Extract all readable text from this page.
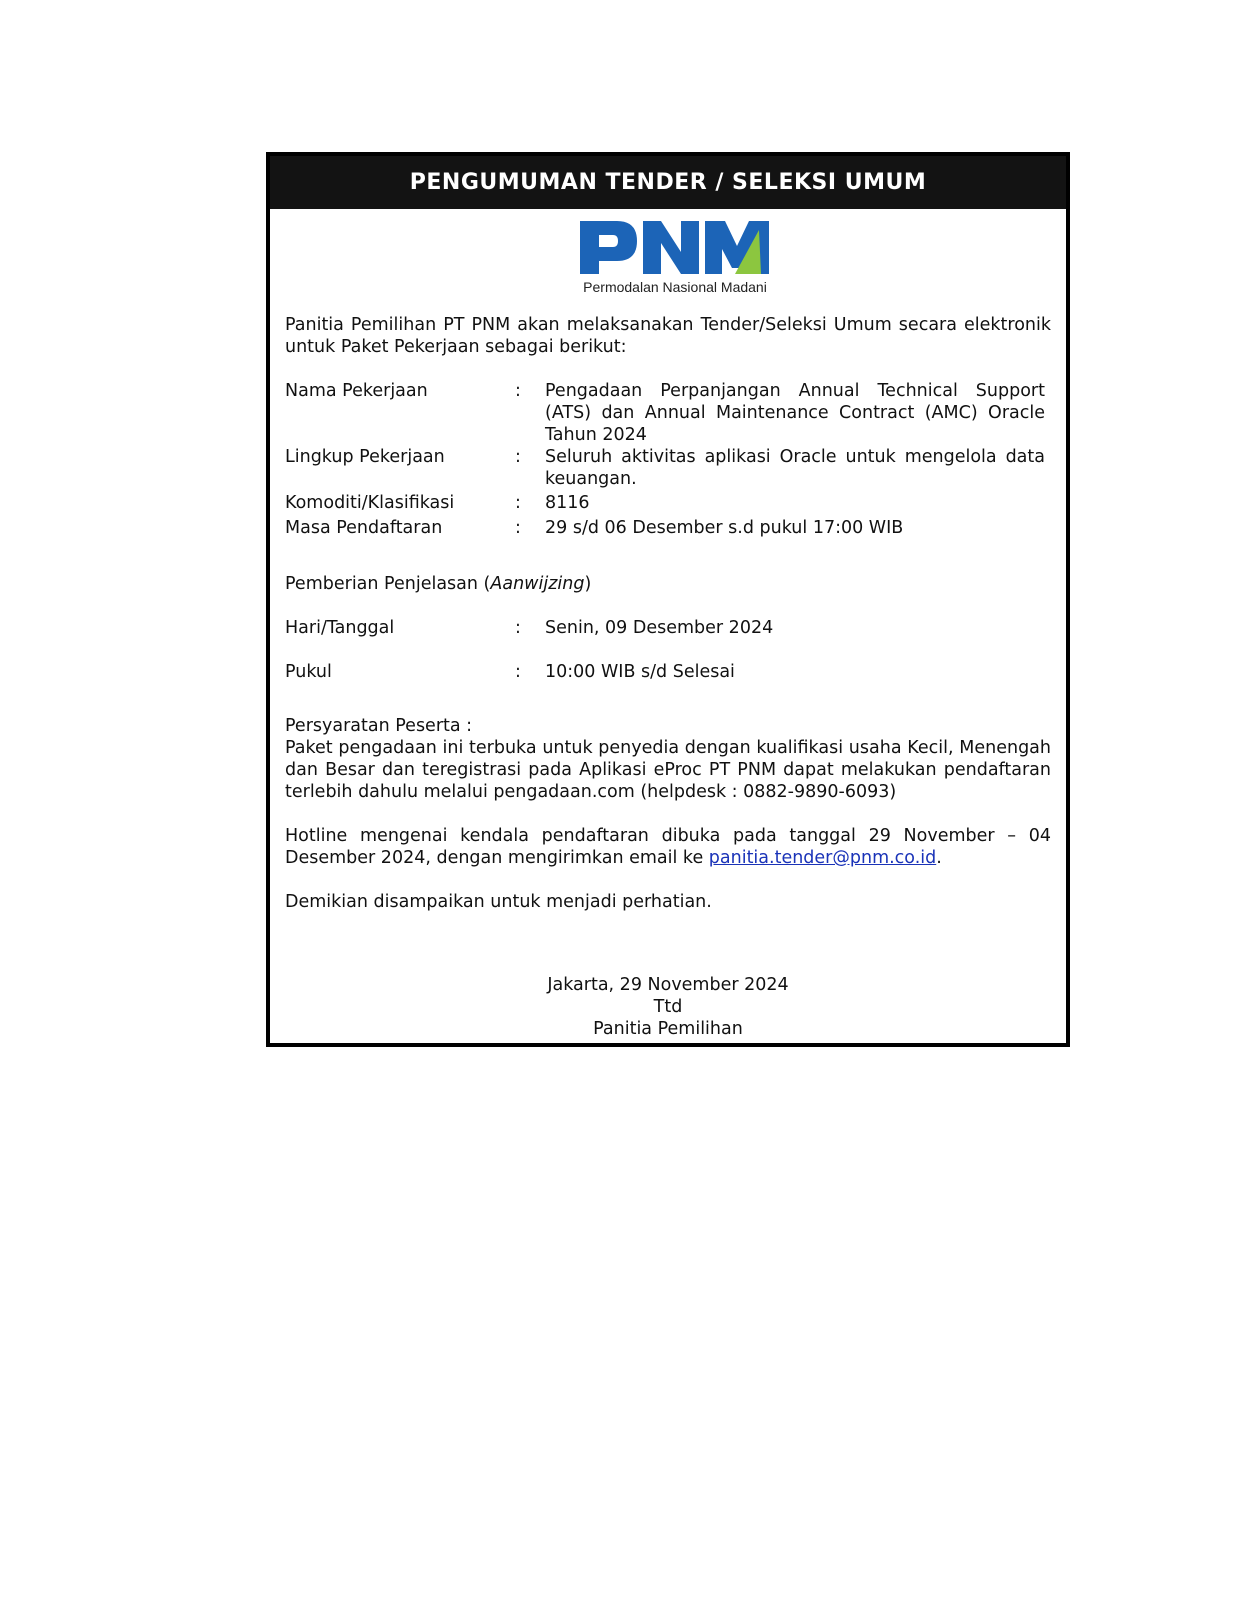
PENGUMUMAN TENDER / SELEKSI UMUM
Permodalan Nasional Madani

Panitia Pemilihan PT PNM akan melaksanakan Tender/Seleksi Umum secara elektronik untuk Paket Pekerjaan sebagai berikut:

Nama Pekerjaan	:	Pengadaan Perpanjangan Annual Technical Support (ATS) dan Annual Maintenance Contract (AMC) Oracle Tahun 2024
Lingkup Pekerjaan	:	Seluruh aktivitas aplikasi Oracle untuk mengelola data keuangan.
Komoditi/Klasifikasi	:	8116
Masa Pendaftaran	:	29 s/d 06 Desember s.d pukul 17:00 WIB
Pemberian Penjelasan (Aanwijzing)
Hari/Tanggal	:	Senin, 09 Desember 2024
Pukul	:	10:00 WIB s/d Selesai
Persyaratan Peserta :

Paket pengadaan ini terbuka untuk penyedia dengan kualifikasi usaha Kecil, Menengah dan Besar dan teregistrasi pada Aplikasi eProc PT PNM dapat melakukan pendaftaran terlebih dahulu melalui pengadaan.com (helpdesk : 0882-9890-6093)

Hotline mengenai kendala pendaftaran dibuka pada tanggal 29 November – 04 Desember 2024, dengan mengirimkan email ke panitia.tender@pnm.co.id.

Demikian disampaikan untuk menjadi perhatian.

Jakarta, 29 November 2024
Ttd
Panitia Pemilihan
